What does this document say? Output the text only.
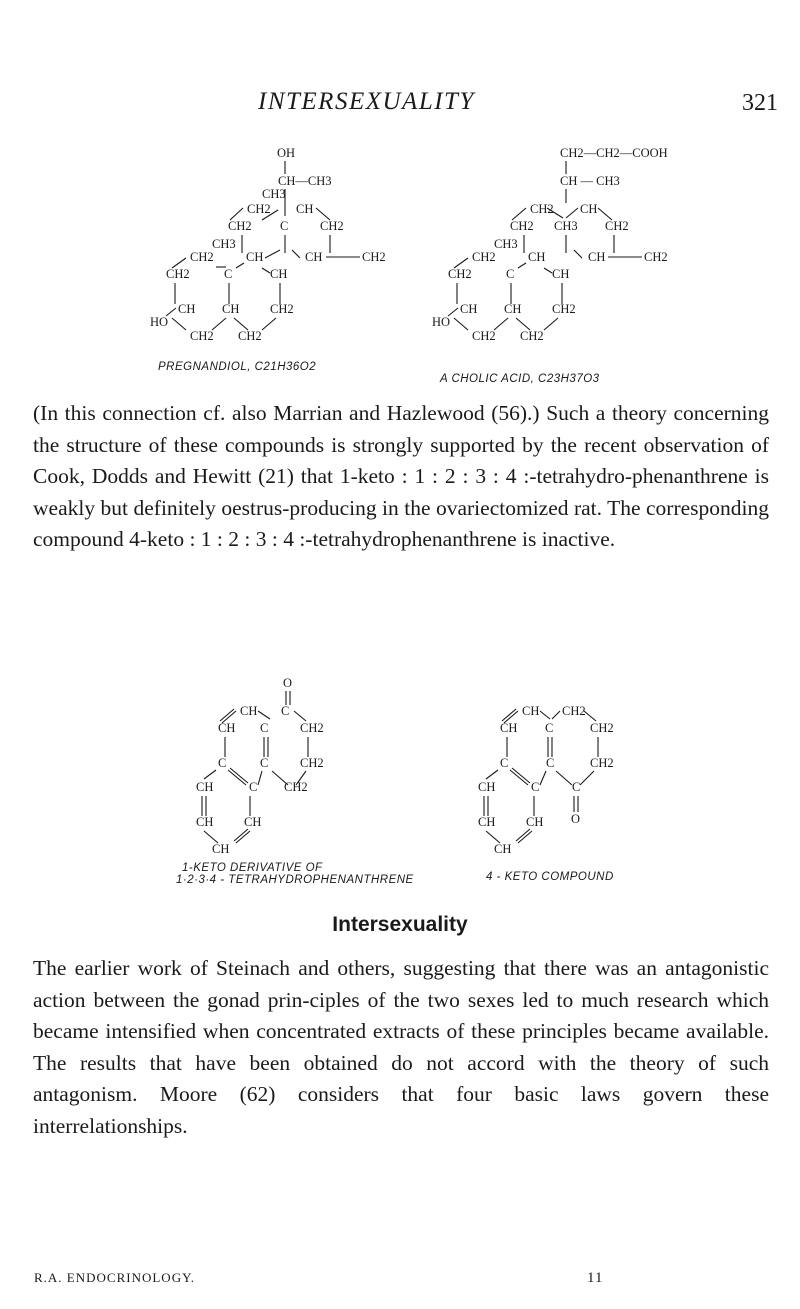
INTERSEXUALITY	321
OH
CH—CH3
CH3
CH2 CH
CH2 C	CH2
CH3
CH2	CH	CH	CH2
CH2	C	CH
CH CH CH2
HO
CH2 CH2
CH2—CH2—COOH
CH — CH3
CH2 CH
CH2 CH3 CH2
CH3
CH2	CH	CH	CH2
CH2	C	CH
CH CH CH2
HO
CH2 CH2
PREGNANDIOL, C21H36O2
A CHOLIC ACID, C23H37O3

(In this connection cf. also Marrian and Hazlewood (56).) Such a theory concerning the structure of these compounds is strongly supported by the recent observation of Cook, Dodds and Hewitt (21) that 1-keto : 1 : 2 : 3 : 4 :-tetrahydro-phenanthrene is weakly but definitely oestrus-producing in the ovariectomized rat. The corresponding compound 4-keto : 1 : 2 : 3 : 4 :-tetrahydrophenanthrene is inactive.

O
CH C
CH C	CH2
C	C	CH2
CH	C CH2
CH CH
CH
CH CH2
CH C	CH2
C	C	CH2
CH	C	C
CH CH O
CH
1-KETO DERIVATIVE OF
1·2·3·4 - TETRAHYDROPHENANTHRENE	4 - KETO COMPOUND
Intersexuality

The earlier work of Steinach and others, suggesting that there was an antagonistic action between the gonad prin-ciples of the two sexes led to much research which became intensified when concentrated extracts of these principles became available. The results that have been obtained do not accord with the theory of such antagonism. Moore (62) considers that four basic laws govern these interrelationships.

R.A. ENDOCRINOLOGY.	11
